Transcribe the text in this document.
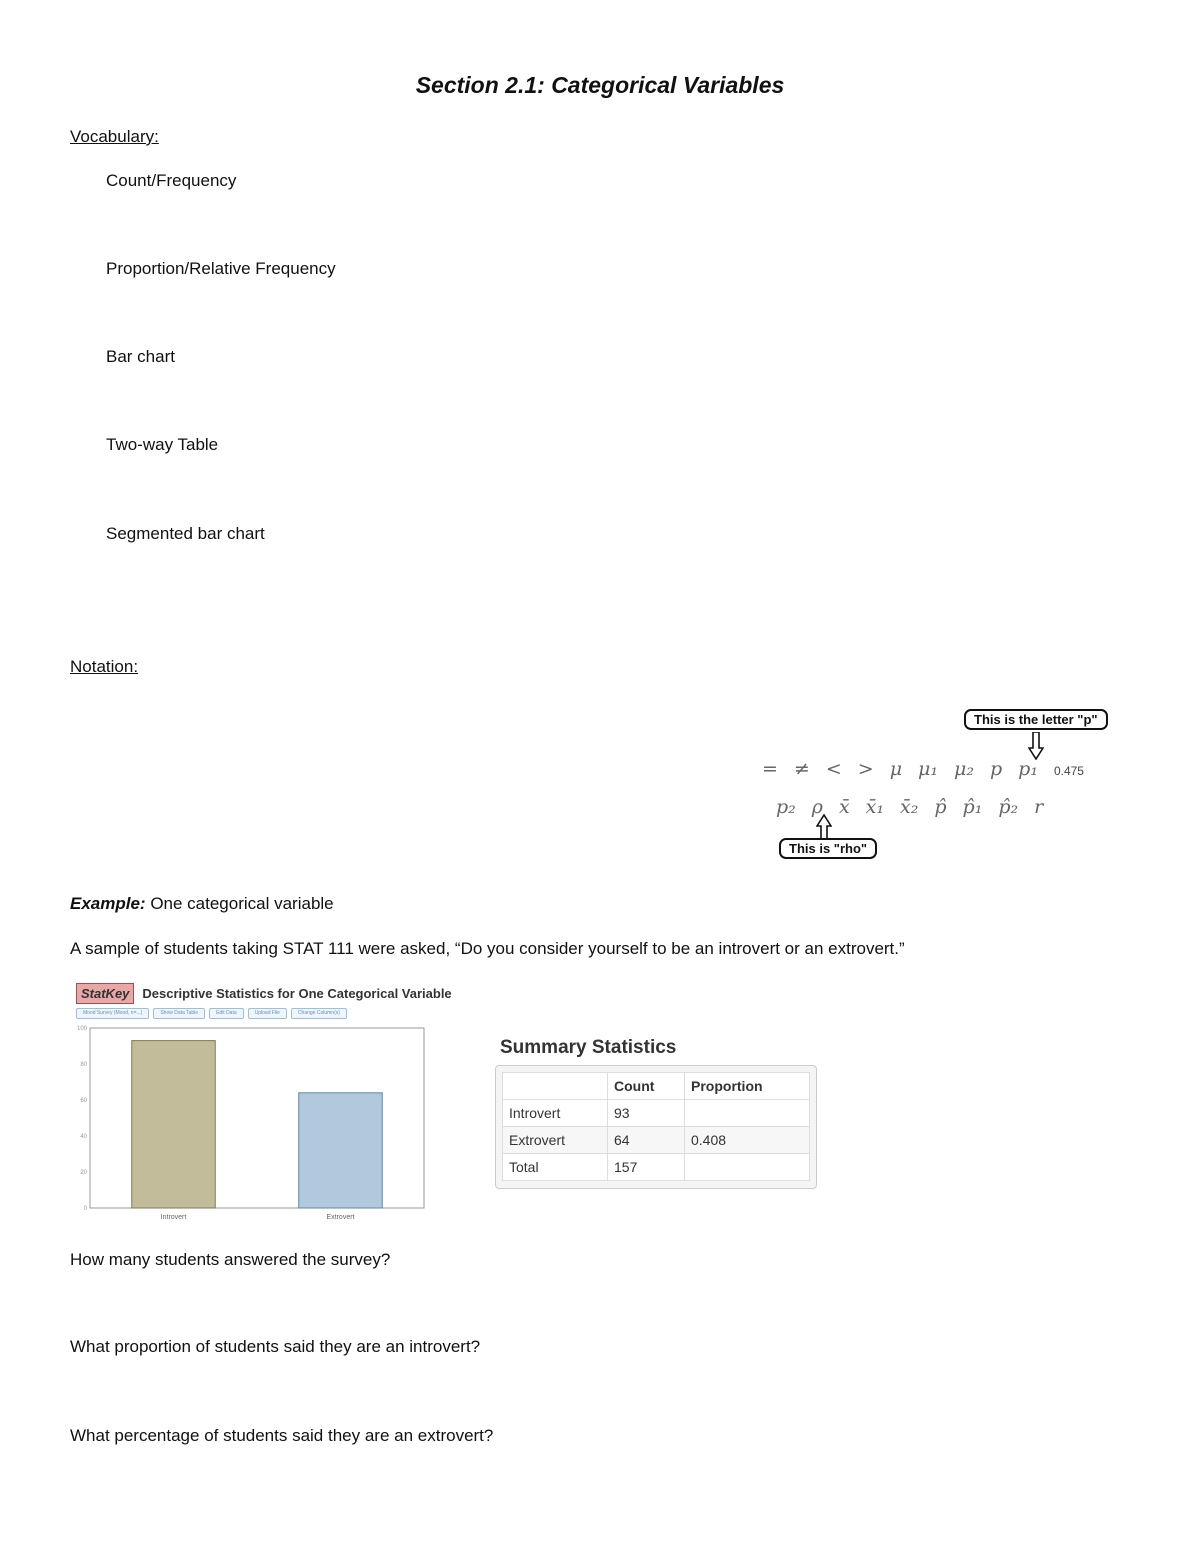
Section 2.1: Categorical Variables
Vocabulary:
Count/Frequency
Proportion/Relative Frequency
Bar chart
Two-way Table
Segmented bar chart
Notation:
This is the letter "p"
= ≠ < > μ μ₁ μ₂ p p₁ 0.475
p₂ ρ x̄ x̄₁ x̄₂ p̂ p̂₁ p̂₂ r
This is "rho"
Example: One categorical variable
A sample of students taking STAT 111 were asked, “Do you consider yourself to be an introvert or an extrovert.”
StatKey	Descriptive Statistics for One Categorical Variable
Mood Survey (Mood, n=...)	Show Data Table	Edit Data	Upload File	Change Column(s)
0
20
40
60
80
100
Introvert	Extrovert
Summary Statistics
	Count	Proportion
Introvert	93	
Extrovert	64	0.408
Total	157	
How many students answered the survey?
What proportion of students said they are an introvert?
What percentage of students said they are an extrovert?
